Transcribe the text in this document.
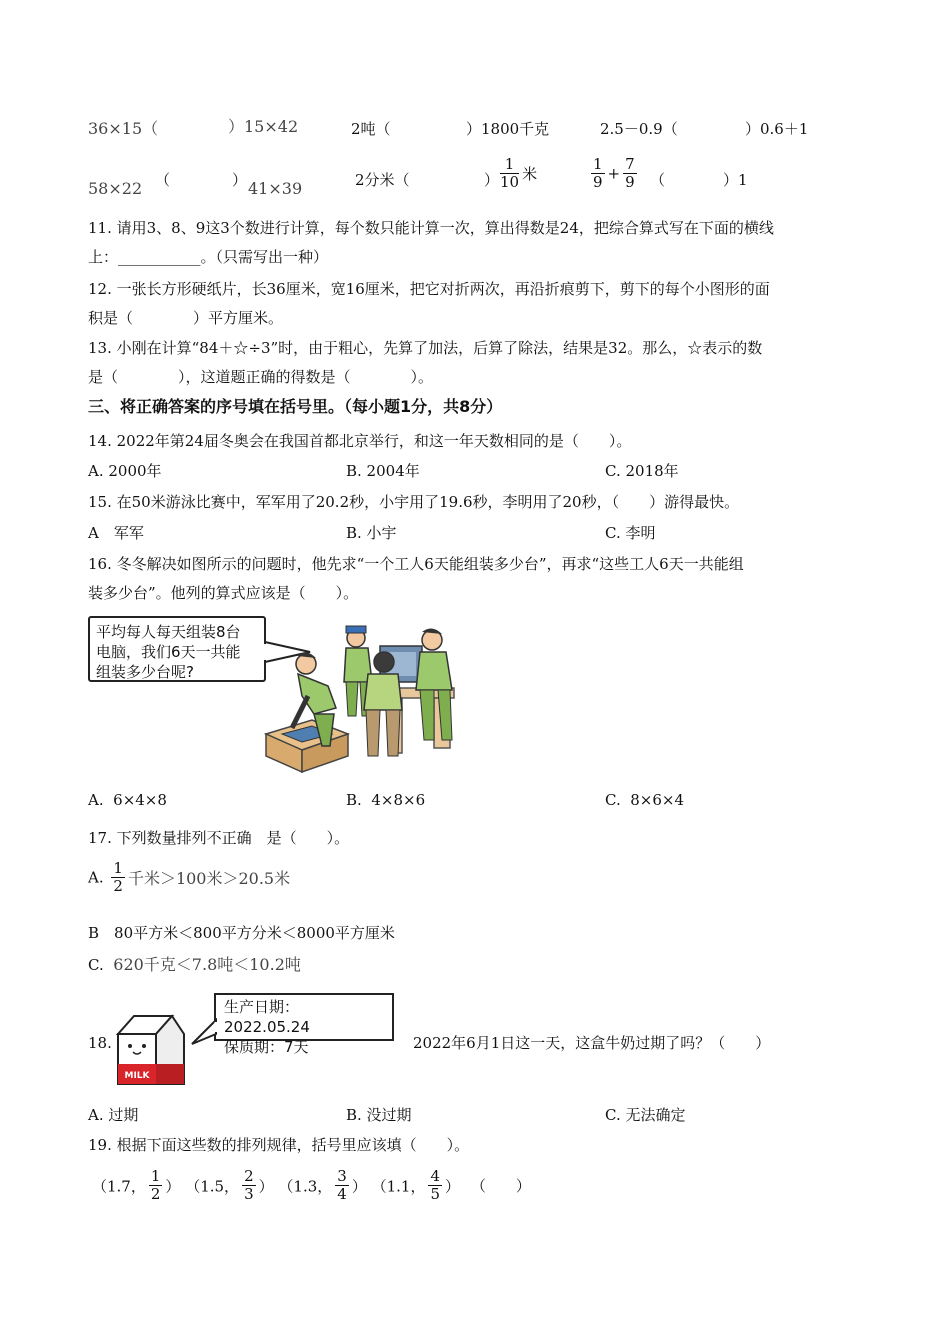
36×15（	）15×42	2吨（	）1800千克	2.5－0.9（	）0.6＋1
58×22 （	） 41×39	2分米（	） $\frac{1}{10}$ 米	$\frac{1}{9} + \frac{7}{9}$ （	）1
11. 请用3、8、9这3个数进行计算，每个数只能计算一次，算出得数是24，把综合算式写在下面的横线
上：___________。（只需写出一种）
12. 一张长方形硬纸片，长36厘米，宽16厘米，把它对折两次，再沿折痕剪下，剪下的每个小图形的面
积是（　　　　）平方厘米。
13. 小刚在计算“84＋☆÷3”时，由于粗心，先算了加法，后算了除法，结果是32。那么，☆表示的数
是（　　　　），这道题正确的得数是（　　　　）。
三、将正确答案的序号填在括号里。（每小题1分，共8分）
14. 2022年第24届冬奥会在我国首都北京举行，和这一年天数相同的是（　　）。
A. 2000年	B. 2004年	C. 2018年
15. 在50米游泳比赛中，军军用了20.2秒，小宇用了19.6秒，李明用了20秒，（　　）游得最快。
A　军军	B. 小宇	C. 李明
16. 冬冬解决如图所示的问题时，他先求“一个工人6天能组装多少台”，再求“这些工人6天一共能组
装多少台”。他列的算式应该是（　　）。
平均每人每天组装8台
电脑，我们6天一共能
组装多少台呢?
A. 6×4×8	B. 4×8×6	C. 8×6×4
17. 下列数量排列不正确　是（　　）。
A. $\frac{1}{2}$ 千米＞100米＞20.5米
B　80平方米＜800平方分米＜8000平方厘米
C. 620千克＜7.8吨＜10.2吨
18.
MILK
生产日期：2022.05.24
保质期：7天	2022年6月1日这一天，这盒牛奶过期了吗？（　　）
A. 过期	B. 没过期	C. 无法确定
19. 根据下面这些数的排列规律，括号里应该填（　　）。
（1.7， $\frac{1}{2}$ ） （1.5， $\frac{2}{3}$ ） （1.3， $\frac{3}{4}$ ） （1.1， $\frac{4}{5}$ ） （　　）
